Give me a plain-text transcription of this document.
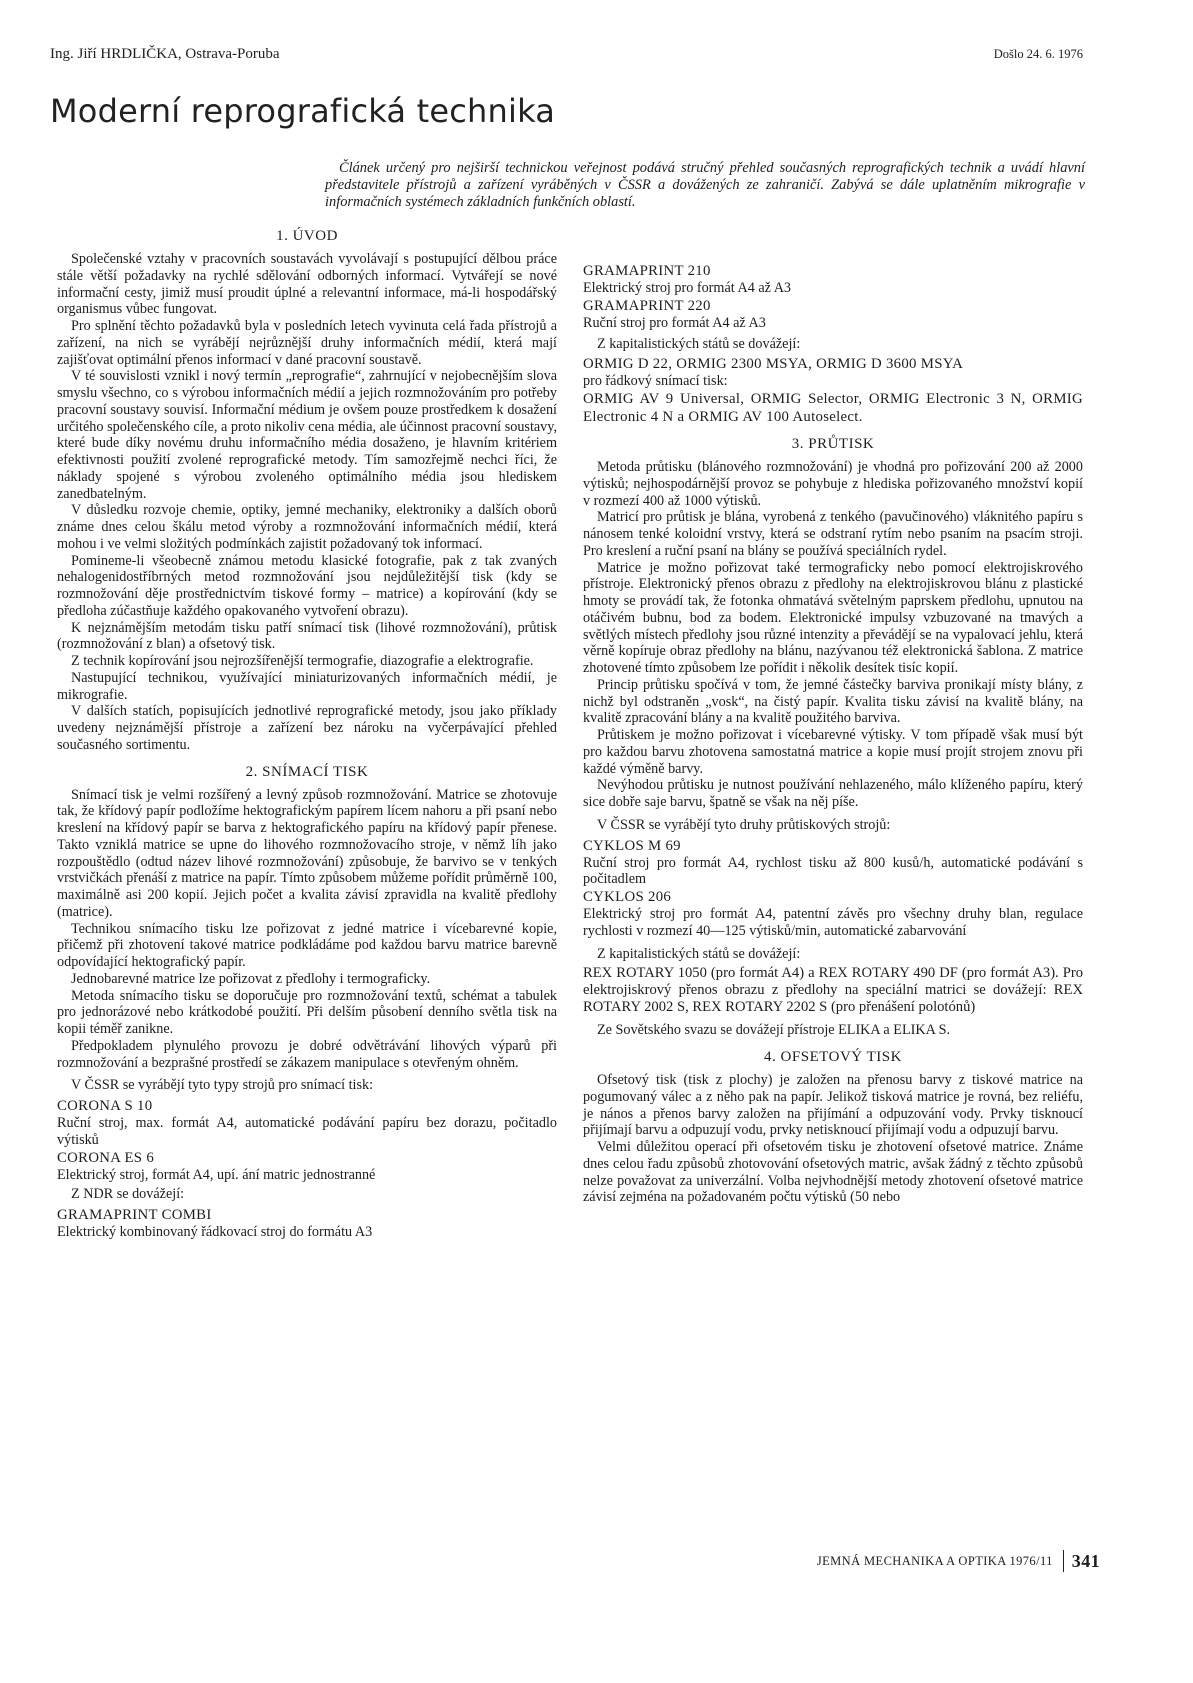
Ing. Jiří HRDLIČKA, Ostrava-Poruba	Došlo 24. 6. 1976
Moderní reprografická technika

Článek určený pro nejširší technickou veřejnost podává stručný přehled současných reprografických technik a uvádí hlavní představitele přístrojů a zařízení vyráběných v ČSSR a dovážených ze zahraničí. Zabývá se dále uplatněním mikrografie v informačních systémech základních funkčních oblastí.

1. ÚVOD

Společenské vztahy v pracovních soustavách vyvolávají s postupující dělbou práce stále větší požadavky na rychlé sdělování odborných informací. Vytvářejí se nové informační cesty, jimiž musí proudit úplné a relevantní informace, má-li hospodářský organismus vůbec fungovat.

Pro splnění těchto požadavků byla v posledních letech vyvinuta celá řada přístrojů a zařízení, na nich se vyrábějí nejrůznější druhy informačních médií, která mají zajišťovat optimální přenos informací v dané pracovní soustavě.

V té souvislosti vznikl i nový termín „reprografie“, zahrnující v nejobecnějším slova smyslu všechno, co s výrobou informačních médií a jejich rozmnožováním pro potřeby pracovní soustavy souvisí. Informační médium je ovšem pouze prostředkem k dosažení určitého společenského cíle, a proto nikoliv cena média, ale účinnost pracovní soustavy, které bude díky novému druhu informačního média dosaženo, je hlavním kritériem efektivnosti použití zvolené reprografické metody. Tím samozřejmě nechci říci, že náklady spojené s výrobou zvoleného optimálního média jsou hlediskem zanedbatelným.

V důsledku rozvoje chemie, optiky, jemné mechaniky, elektroniky a dalších oborů známe dnes celou škálu metod výroby a rozmnožování informačních médií, která mohou i ve velmi složitých podmínkách zajistit požadovaný tok informací.

Pomineme-li všeobecně známou metodu klasické fotografie, pak z tak zvaných nehalogenidostříbrných metod rozmnožování jsou nejdůležitější tisk (kdy se rozmnožování děje prostřednictvím tiskové formy – matrice) a kopírování (kdy se předloha zúčastňuje každého opakovaného vytvoření obrazu).

K nejznámějším metodám tisku patří snímací tisk (lihové rozmnožování), průtisk (rozmnožování z blan) a ofsetový tisk.

Z technik kopírování jsou nejrozšířenější termografie, diazografie a elektrografie.

Nastupující technikou, využívající miniaturizovaných informačních médií, je mikrografie.

V dalších statích, popisujících jednotlivé reprografické metody, jsou jako příklady uvedeny nejznámější přístroje a zařízení bez nároku na vyčerpávající přehled současného sortimentu.

2. SNÍMACÍ TISK

Snímací tisk je velmi rozšířený a levný způsob rozmnožování. Matrice se zhotovuje tak, že křídový papír podložíme hektografickým papírem lícem nahoru a při psaní nebo kreslení na křídový papír se barva z hektografického papíru na křídový papír přenese. Takto vzniklá matrice se upne do lihového rozmnožovacího stroje, v němž líh jako rozpouštědlo (odtud název lihové rozmnožování) způsobuje, že barvivo se v tenkých vrstvičkách přenáší z matrice na papír. Tímto způsobem můžeme pořídit průměrně 100, maximálně asi 200 kopií. Jejich počet a kvalita závisí zpravidla na kvalitě předlohy (matrice).

Technikou snímacího tisku lze pořizovat z jedné matrice i vícebarevné kopie, přičemž při zhotovení takové matrice podkládáme pod každou barvu matrice barevně odpovídající hektografický papír.

Jednobarevné matrice lze pořizovat z předlohy i termograficky.

Metoda snímacího tisku se doporučuje pro rozmnožování textů, schémat a tabulek pro jednorázové nebo krátkodobé použití. Při delším působení denního světla tisk na kopii téměř zanikne.

Předpokladem plynulého provozu je dobré odvětrávání lihových výparů při rozmnožování a bezprašné prostředí se zákazem manipulace s otevřeným ohněm.

V ČSSR se vyrábějí tyto typy strojů pro snímací tisk:

CORONA S 10

Ruční stroj, max. formát A4, automatické podávání papíru bez dorazu, počitadlo výtisků

CORONA ES 6

Elektrický stroj, formát A4, upí. ání matric jednostranné

Z NDR se dovážejí:

GRAMAPRINT COMBI

Elektrický kombinovaný řádkovací stroj do formátu A3

GRAMAPRINT 210

Elektrický stroj pro formát A4 až A3

GRAMAPRINT 220

Ruční stroj pro formát A4 až A3

Z kapitalistických států se dovážejí:

ORMIG D 22, ORMIG 2300 MSYA, ORMIG D 3600 MSYA

pro řádkový snímací tisk:

ORMIG AV 9 Universal, ORMIG Selector, ORMIG Electronic 3 N, ORMIG Electronic 4 N a ORMIG AV 100 Autoselect.

3. PRŮTISK

Metoda průtisku (blánového rozmnožování) je vhodná pro pořizování 200 až 2000 výtisků; nejhospodárnější provoz se pohybuje z hlediska pořizovaného množství kopií v rozmezí 400 až 1000 výtisků.

Matricí pro průtisk je blána, vyrobená z tenkého (pavučinového) vláknitého papíru s nánosem tenké koloidní vrstvy, která se odstraní rytím nebo psaním na psacím stroji. Pro kreslení a ruční psaní na blány se používá speciálních rydel.

Matrice je možno pořizovat také termograficky nebo pomocí elektrojiskrového přístroje. Elektronický přenos obrazu z předlohy na elektrojiskrovou blánu z plastické hmoty se provádí tak, že fotonka ohmatává světelným paprskem předlohu, upnutou na otáčivém bubnu, bod za bodem. Elektronické impulsy vzbuzované na tmavých a světlých místech předlohy jsou různé intenzity a převádějí se na vypalovací jehlu, která věrně kopíruje obraz předlohy na blánu, nazývanou též elektronická šablona. Z matrice zhotovené tímto způsobem lze pořídit i několik desítek tisíc kopií.

Princip průtisku spočívá v tom, že jemné částečky barviva pronikají místy blány, z nichž byl odstraněn „vosk“, na čistý papír. Kvalita tisku závisí na kvalitě blány, na kvalitě zpracování blány a na kvalitě použitého barviva.

Průtiskem je možno pořizovat i vícebarevné výtisky. V tom případě však musí být pro každou barvu zhotovena samostatná matrice a kopie musí projít strojem znovu při každé výměně barvy.

Nevýhodou průtisku je nutnost používání nehlazeného, málo klíženého papíru, který sice dobře saje barvu, špatně se však na něj píše.

V ČSSR se vyrábějí tyto druhy průtiskových strojů:

CYKLOS M 69

Ruční stroj pro formát A4, rychlost tisku až 800 kusů/h, automatické podávání s počitadlem

CYKLOS 206

Elektrický stroj pro formát A4, patentní závěs pro všechny druhy blan, regulace rychlosti v rozmezí 40—125 výtisků/min, automatické zabarvování

Z kapitalistických států se dovážejí:

REX ROTARY 1050 (pro formát A4) a REX ROTARY 490 DF (pro formát A3). Pro elektrojiskrový přenos obrazu z předlohy na speciální matrici se dovážejí: REX ROTARY 2002 S, REX ROTARY 2202 S (pro přenášení polotónů)

Ze Sovětského svazu se dovážejí přístroje ELIKA a ELIKA S.

4. OFSETOVÝ TISK

Ofsetový tisk (tisk z plochy) je založen na přenosu barvy z tiskové matrice na pogumovaný válec a z něho pak na papír. Jelikož tisková matrice je rovná, bez reliéfu, je nános a přenos barvy založen na přijímání a odpuzování vody. Prvky tisknoucí přijímají barvu a odpuzují vodu, prvky netisknoucí přijímají vodu a odpuzují barvu.

Velmi důležitou operací při ofsetovém tisku je zhotovení ofsetové matrice. Známe dnes celou řadu způsobů zhotovování ofsetových matric, avšak žádný z těchto způsobů nelze považovat za univerzální. Volba nejvhodnější metody zhotovení ofsetové matrice závisí zejména na požadovaném počtu výtisků (50 nebo

JEMNÁ MECHANIKA A OPTIKA 1976/11 341
